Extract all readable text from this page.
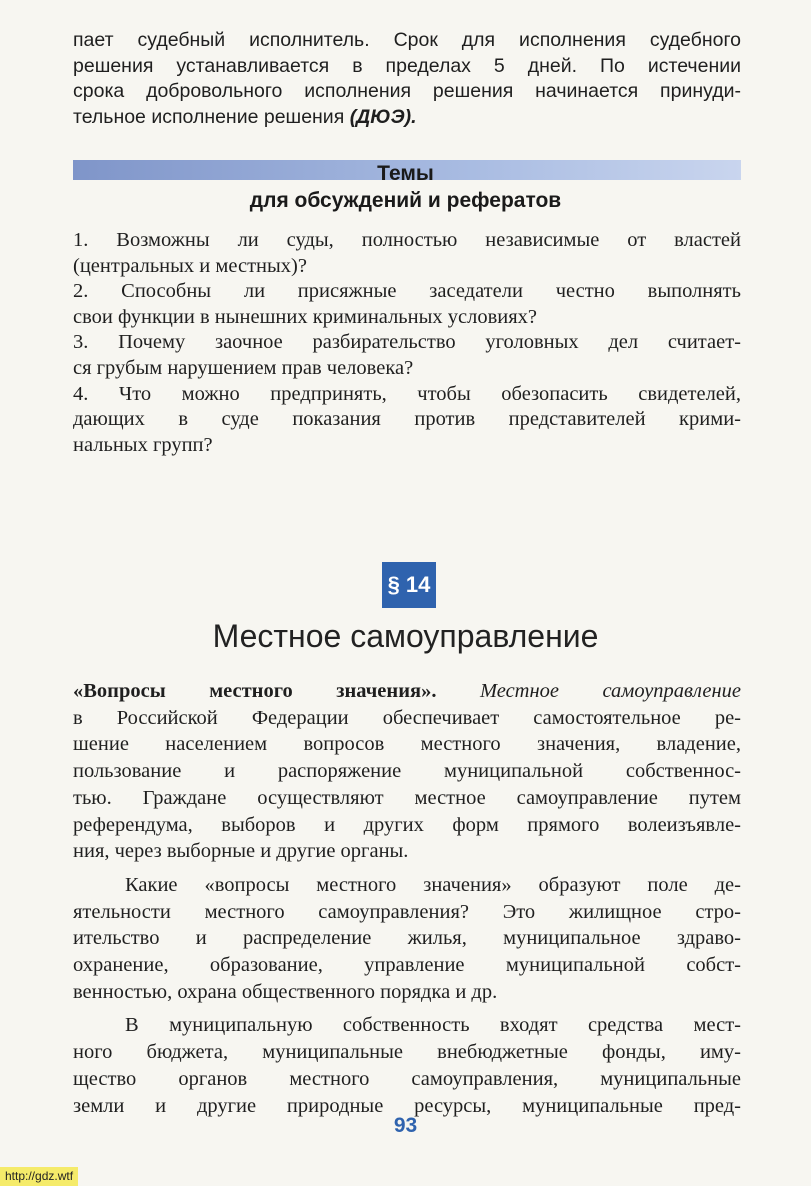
пает судебный исполнитель. Срок для исполнения судебного

решения устанавливается в пределах 5 дней. По истечении

срока добровольного исполнения решения начинается принуди-

тельное исполнение решения (ДЮЭ).

Темы
для обсуждений и рефератов

1. Возможны ли суды, полностью независимые от властей

(центральных и местных)?

2. Способны ли присяжные заседатели честно выполнять

свои функции в нынешних криминальных условиях?

3. Почему заочное разбирательство уголовных дел считает-

ся грубым нарушением прав человека?

4. Что можно предпринять, чтобы обезопасить свидетелей,

дающих в суде показания против представителей крими-

нальных групп?

§ 14
Местное самоуправление

«Вопросы местного значения». Местное самоуправление

в Российской Федерации обеспечивает самостоятельное ре-

шение населением вопросов местного значения, владение,

пользование и распоряжение муниципальной собственнос-

тью. Граждане осуществляют местное самоуправление путем

референдума, выборов и других форм прямого волеизъявле-

ния, через выборные и другие органы.

Какие «вопросы местного значения» образуют поле де-

ятельности местного самоуправления? Это жилищное стро-

ительство и распределение жилья, муниципальное здраво-

охранение, образование, управление муниципальной собст-

венностью, охрана общественного порядка и др.

В муниципальную собственность входят средства мест-

ного бюджета, муниципальные внебюджетные фонды, иму-

щество органов местного самоуправления, муниципальные

земли и другие природные ресурсы, муниципальные пред-

93
http://gdz.wtf
